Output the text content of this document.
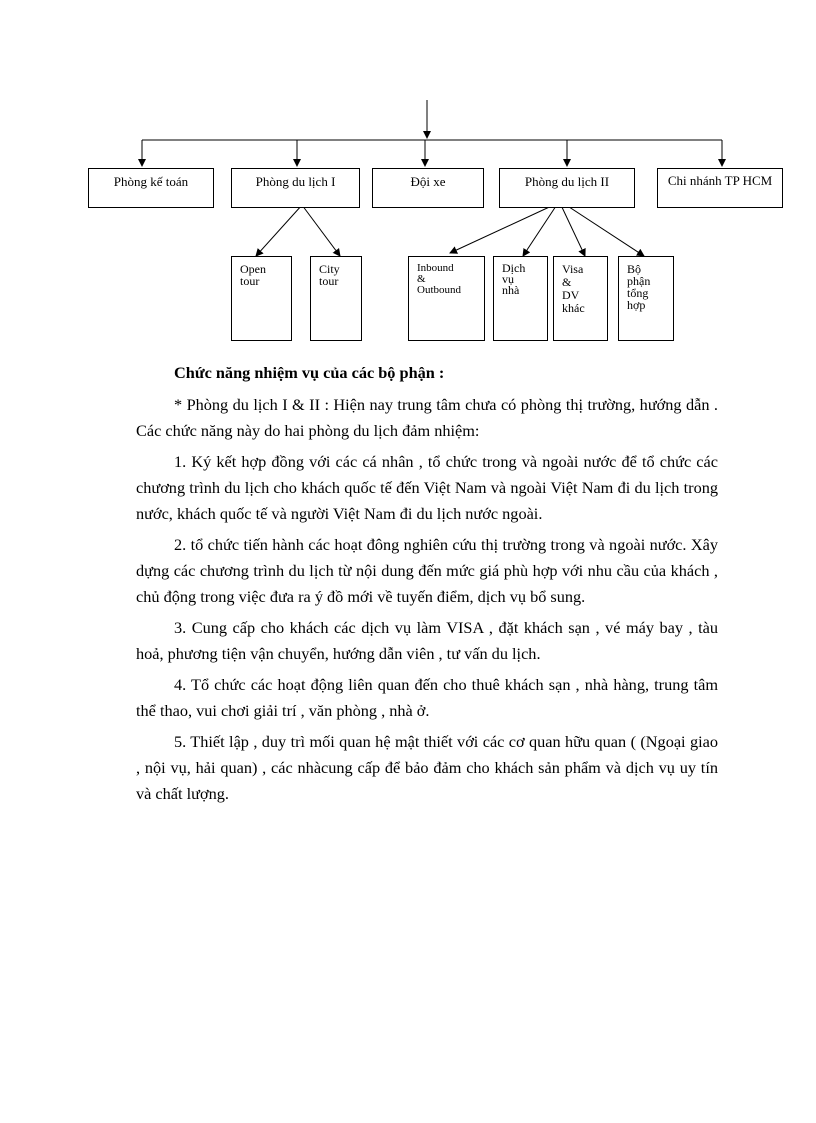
Phòng kế toán	Phòng du lịch I	Đội xe	Phòng du lịch II	Chi nhánh TP HCM
Open
tour
City
tour
Inbound
&
Outbound
Dịch
vụ
nhà
Visa
&
DV
khác
Bộ
phận
tổng
hợp

Chức năng nhiệm vụ của các bộ phận :

* Phòng du lịch I & II : Hiện nay trung tâm chưa có phòng thị trường, hướng dẫn . Các chức năng này do hai phòng du lịch đảm nhiệm:

1. Ký kết hợp đồng với các cá nhân , tổ chức trong và ngoài nước để tổ chức các chương trình du lịch cho khách quốc tế đến Việt Nam và ngoài Việt Nam đi du lịch trong nước, khách quốc tế và người Việt Nam đi du lịch nước ngoài.

2. tổ chức tiến hành các hoạt đông nghiên cứu thị trường trong và ngoài nước. Xây dựng các chương trình du lịch từ nội dung đến mức giá phù hợp với nhu cầu của khách , chủ động trong việc đưa ra ý đồ mới về tuyến điểm, dịch vụ bổ sung.

3. Cung cấp cho khách các dịch vụ làm VISA , đặt khách sạn , vé máy bay , tàu hoả, phương tiện vận chuyển, hướng dẫn viên , tư vấn du lịch.

4. Tổ chức các hoạt động liên quan đến cho thuê khách sạn , nhà hàng, trung tâm thể thao, vui chơi giải trí , văn phòng , nhà ở.

5. Thiết lập , duy trì mối quan hệ mật thiết với các cơ quan hữu quan ( (Ngoại giao , nội vụ, hải quan) , các nhàcung cấp để bảo đảm cho khách sản phẩm và dịch vụ uy tín và chất lượng.
